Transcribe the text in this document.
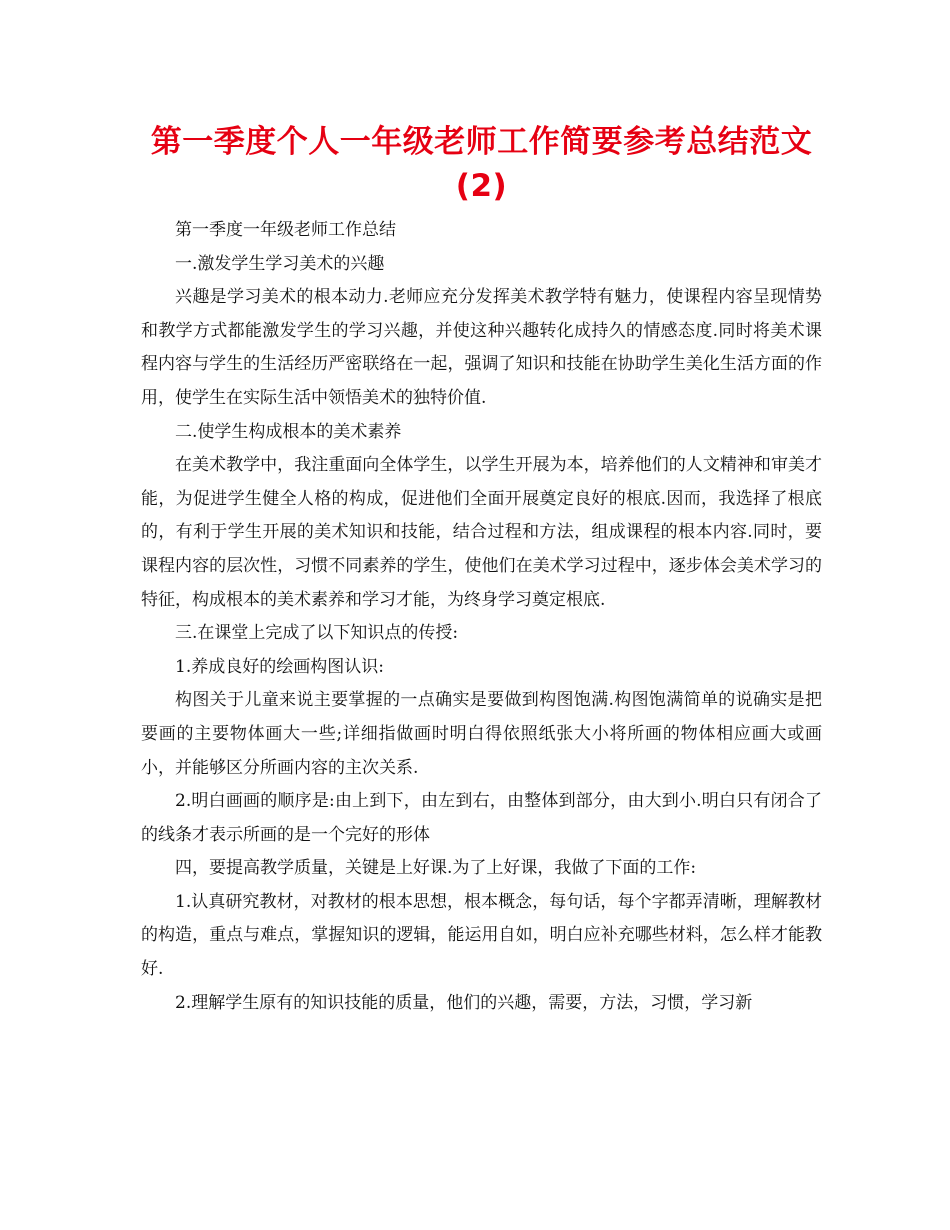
第一季度个人一年级老师工作简要参考总结范文(2)

第一季度一年级老师工作总结

一.激发学生学习美术的兴趣

兴趣是学习美术的根本动力.老师应充分发挥美术教学特有魅力，使课程内容呈现情势和教学方式都能激发学生的学习兴趣，并使这种兴趣转化成持久的情感态度.同时将美术课程内容与学生的生活经历严密联络在一起，强调了知识和技能在协助学生美化生活方面的作用，使学生在实际生活中领悟美术的独特价值.

二.使学生构成根本的美术素养

在美术教学中，我注重面向全体学生，以学生开展为本，培养他们的人文精神和审美才能，为促进学生健全人格的构成，促进他们全面开展奠定良好的根底.因而，我选择了根底的，有利于学生开展的美术知识和技能，结合过程和方法，组成课程的根本内容.同时，要课程内容的层次性，习惯不同素养的学生，使他们在美术学习过程中，逐步体会美术学习的特征，构成根本的美术素养和学习才能，为终身学习奠定根底.

三.在课堂上完成了以下知识点的传授:

1.养成良好的绘画构图认识:

构图关于儿童来说主要掌握的一点确实是要做到构图饱满.构图饱满简单的说确实是把要画的主要物体画大一些;详细指做画时明白得依照纸张大小将所画的物体相应画大或画小，并能够区分所画内容的主次关系.

2.明白画画的顺序是:由上到下，由左到右，由整体到部分，由大到小.明白只有闭合了的线条才表示所画的是一个完好的形体

四，要提高教学质量，关键是上好课.为了上好课，我做了下面的工作:

1.认真研究教材，对教材的根本思想，根本概念，每句话，每个字都弄清晰，理解教材的构造，重点与难点，掌握知识的逻辑，能运用自如，明白应补充哪些材料，怎么样才能教好.

2.理解学生原有的知识技能的质量，他们的兴趣，需要，方法，习惯，学习新
